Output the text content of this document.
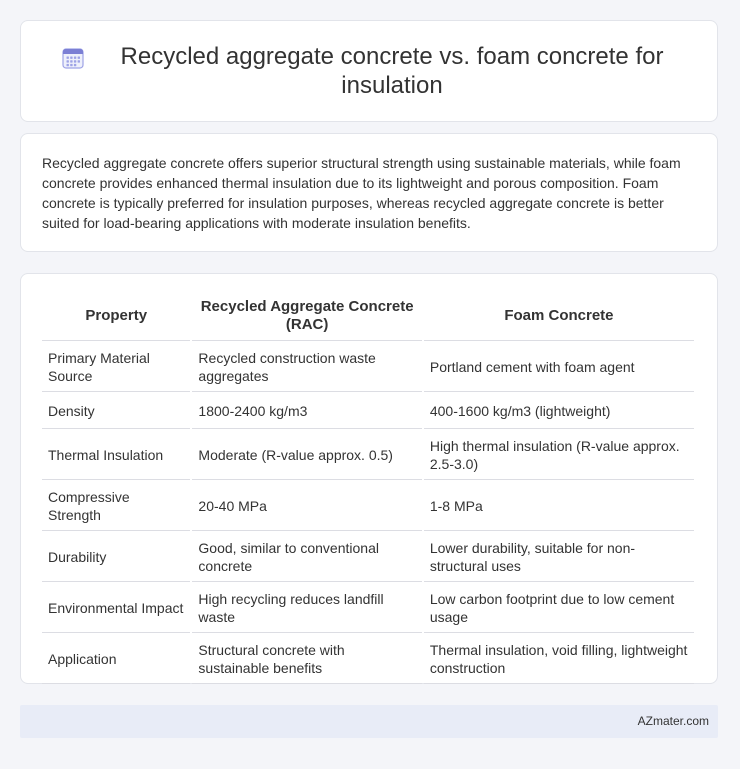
Recycled aggregate concrete vs. foam concrete for insulation

Recycled aggregate concrete offers superior structural strength using sustainable materials, while foam concrete provides enhanced thermal insulation due to its lightweight and porous composition. Foam concrete is typically preferred for insulation purposes, whereas recycled aggregate concrete is better suited for load-bearing applications with moderate insulation benefits.

Property	Recycled Aggregate Concrete (RAC)	Foam Concrete
Primary Material Source	Recycled construction waste aggregates	Portland cement with foam agent
Density	1800-2400 kg/m3	400-1600 kg/m3 (lightweight)
Thermal Insulation	Moderate (R-value approx. 0.5)	High thermal insulation (R-value approx. 2.5-3.0)
Compressive Strength	20-40 MPa	1-8 MPa
Durability	Good, similar to conventional concrete	Lower durability, suitable for non-structural uses
Environmental Impact	High recycling reduces landfill waste	Low carbon footprint due to low cement usage
Application	Structural concrete with sustainable benefits	Thermal insulation, void filling, lightweight construction
AZmater.com
